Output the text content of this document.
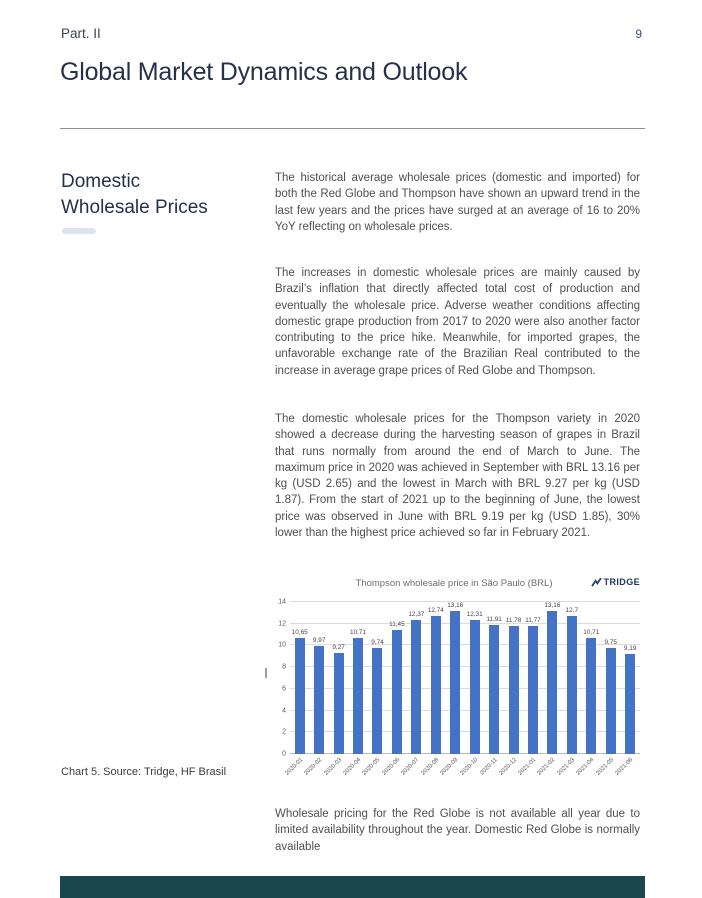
Part. II	9
Global Market Dynamics and Outlook
Domestic
Wholesale Prices

The historical average wholesale prices (domestic and imported) for both the Red Globe and Thompson have shown an upward trend in the last few years and the prices have surged at an average of 16 to 20% YoY reflecting on wholesale prices.

The increases in domestic wholesale prices are mainly caused by Brazil’s inflation that directly affected total cost of production and eventually the wholesale price. Adverse weather conditions affecting domestic grape production from 2017 to 2020 were also another factor contributing to the price hike. Meanwhile, for imported grapes, the unfavorable exchange rate of the Brazilian Real contributed to the increase in average grape prices of Red Globe and Thompson.

The domestic wholesale prices for the Thompson variety in 2020 showed a decrease during the harvesting season of grapes in Brazil that runs normally from around the end of March to June. The maximum price in 2020 was achieved in September with BRL 13.16 per kg (USD 2.65) and the lowest in March with BRL 9.27 per kg (USD 1.87). From the start of 2021 up to the beginning of June, the lowest price was observed in June with BRL 9.19 per kg (USD 1.85), 30% lower than the highest price achieved so far in February 2021.

Wholesale pricing for the Red Globe is not available all year due to limited availability throughout the year. Domestic Red Globe is normally available

Thompson wholesale price in São Paulo (BRL)	TRIDGE
10,65
9,97
9,27
10,71
9,74
11,45
12,37
12,74
13,16
12,31
11,91 11,78 11,77
13,16
12,7
10,71
9,75
9,19
0
2
4
6
8
10
12
14
2020-01 2020-02 2020-03 2020-04 2020-05 2020-06 2020-07 2020-08 2020-09 2020-10 2020-11 2020-12 2021-01 2021-02 2021-03 2021-04 2021-05 2021-06
Chart 5. Source: Tridge, HF Brasil
